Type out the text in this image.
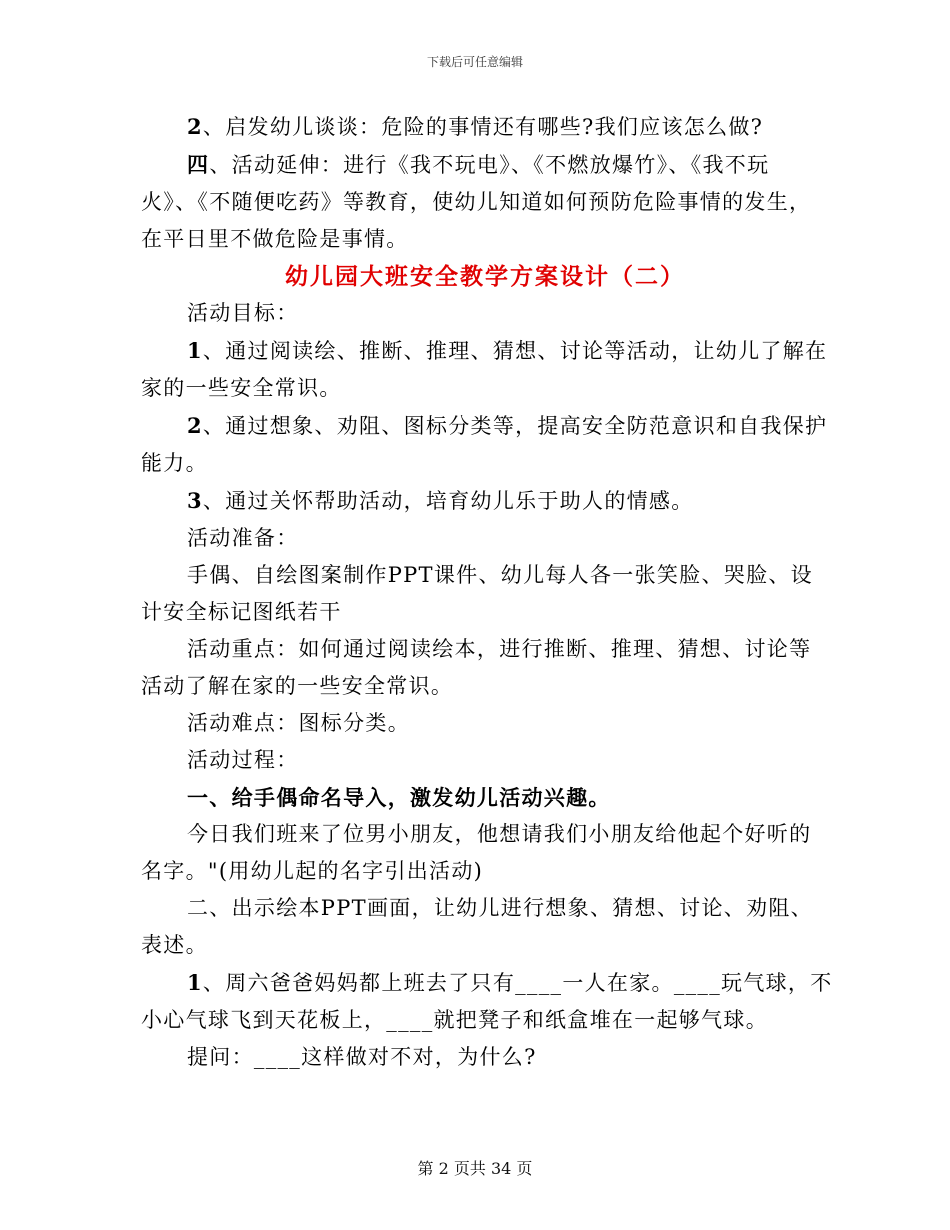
下载后可任意编辑

2、启发幼儿谈谈：危险的事情还有哪些?我们应该怎么做?

四、活动延伸：进行《我不玩电》、《不燃放爆竹》、《我不玩

火》、《不随便吃药》等教育，使幼儿知道如何预防危险事情的发生，

在平日里不做危险是事情。

幼儿园大班安全教学方案设计（二）

活动目标：

1、通过阅读绘、推断、推理、猜想、讨论等活动，让幼儿了解在

家的一些安全常识。

2、通过想象、劝阻、图标分类等，提高安全防范意识和自我保护

能力。

3、通过关怀帮助活动，培育幼儿乐于助人的情感。

活动准备：

手偶、自绘图案制作PPT课件、幼儿每人各一张笑脸、哭脸、设

计安全标记图纸若干

活动重点：如何通过阅读绘本，进行推断、推理、猜想、讨论等

活动了解在家的一些安全常识。

活动难点：图标分类。

活动过程：

一、给手偶命名导入，激发幼儿活动兴趣。

今日我们班来了位男小朋友，他想请我们小朋友给他起个好听的

名字。"(用幼儿起的名字引出活动)

二、出示绘本PPT画面，让幼儿进行想象、猜想、讨论、劝阻、

表述。

1、周六爸爸妈妈都上班去了只有____一人在家。____玩气球，不

小心气球飞到天花板上，____就把凳子和纸盒堆在一起够气球。

提问：____这样做对不对，为什么?

第 2 页共 34 页
